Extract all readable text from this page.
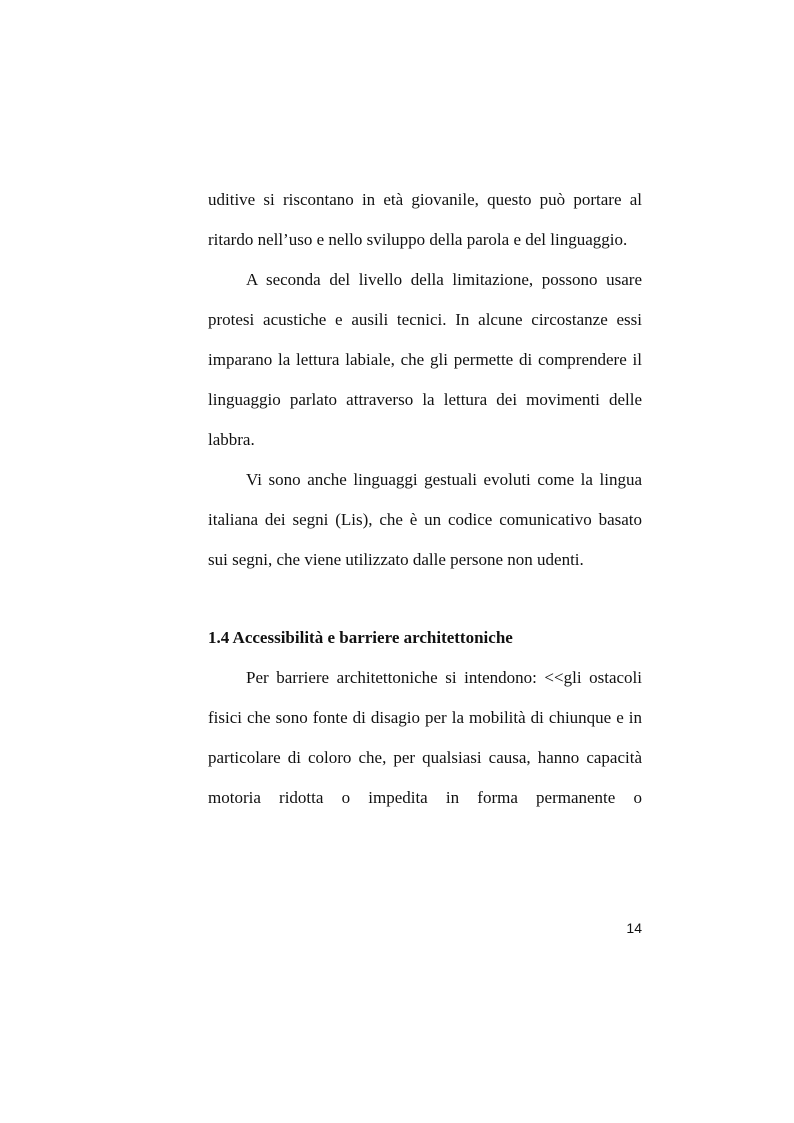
uditive si riscontano in età giovanile, questo può portare al ritardo nell’uso e nello sviluppo della parola e del linguaggio.

A seconda del livello della limitazione, possono usare protesi acustiche e ausili tecnici. In alcune circostanze essi imparano la lettura labiale, che gli permette di comprendere il linguaggio parlato attraverso la lettura dei movimenti delle labbra.

Vi sono anche linguaggi gestuali evoluti come la lingua italiana dei segni (Lis), che è un codice comunicativo basato sui segni, che viene utilizzato dalle persone non udenti.

1.4 Accessibilità e barriere architettoniche

Per barriere architettoniche si intendono: <<gli ostacoli fisici che sono fonte di disagio per la mobilità di chiunque e in particolare di coloro che, per qualsiasi causa, hanno capacità motoria ridotta o impedita in forma permanente o

14
